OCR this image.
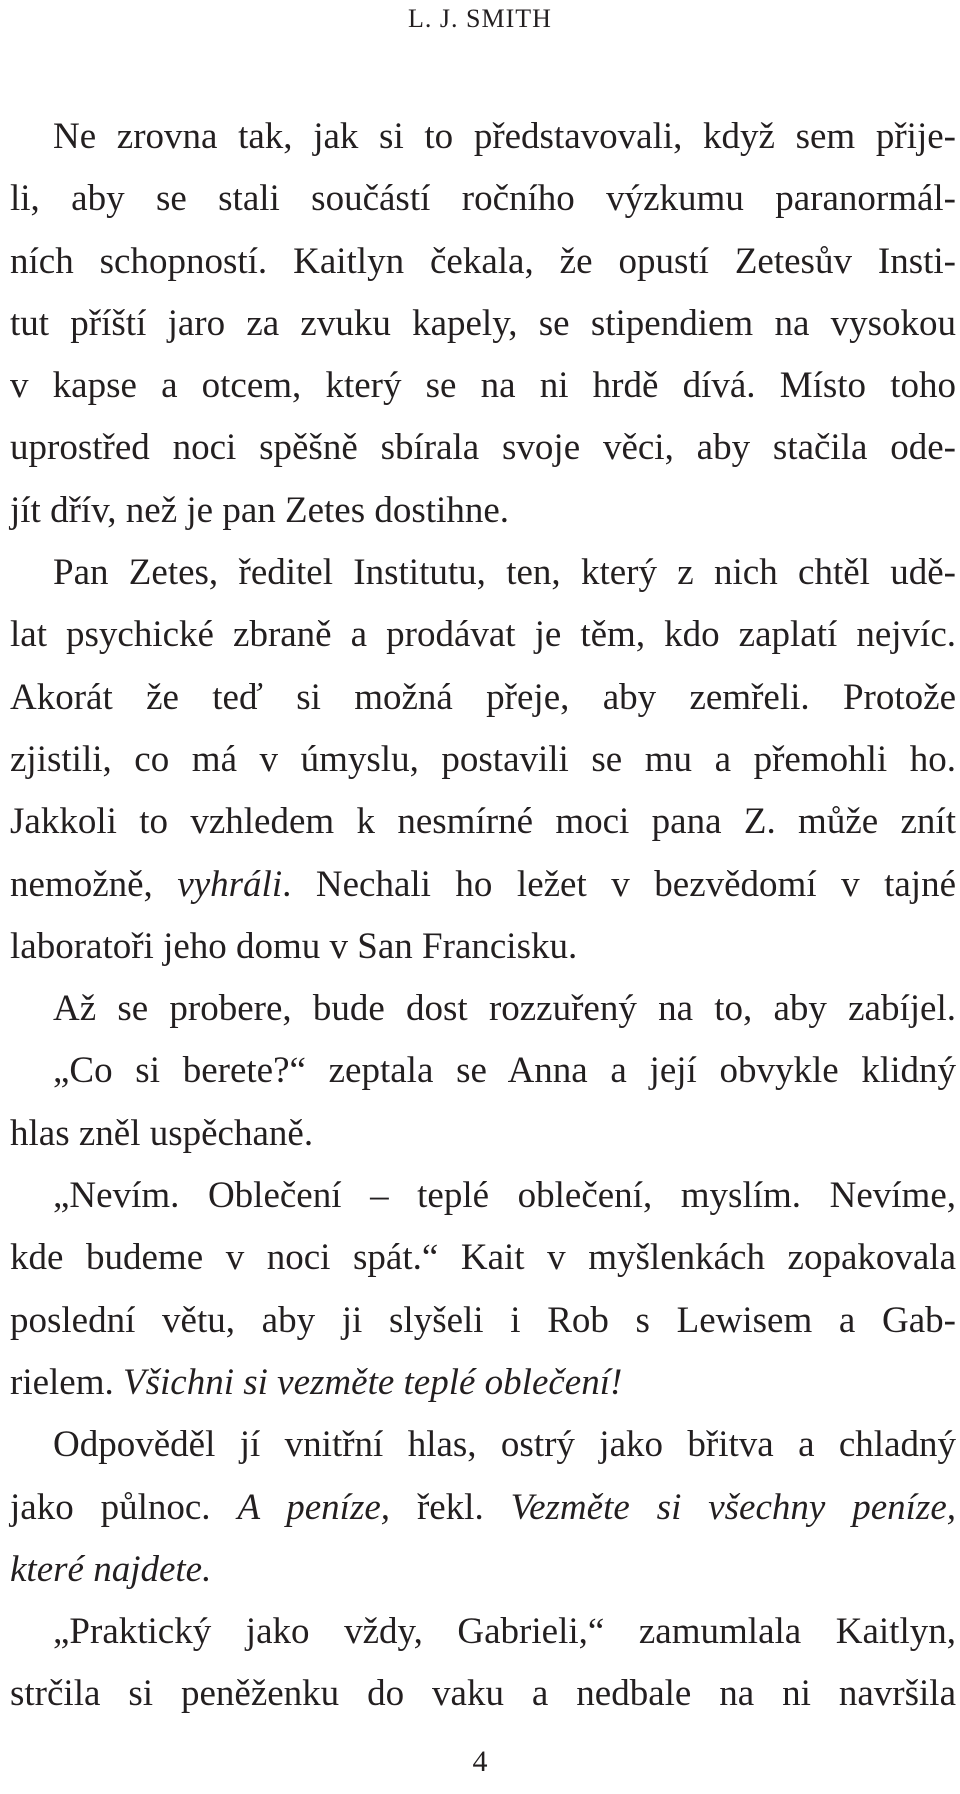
L. J. SMITH
Ne zrovna tak, jak si to představovali, když sem přije-
li, aby se stali součástí ročního výzkumu paranormál-
ních schopností. Kaitlyn čekala, že opustí Zetesův Insti-
tut příští jaro za zvuku kapely, se stipendiem na vysokou
v kapse a otcem, který se na ni hrdě dívá. Místo toho
uprostřed noci spěšně sbírala svoje věci, aby stačila ode-
jít dřív, než je pan Zetes dostihne.
Pan Zetes, ředitel Institutu, ten, který z nich chtěl udě-
lat psychické zbraně a prodávat je těm, kdo zaplatí nejvíc.
Akorát že teď si možná přeje, aby zemřeli. Protože
zjistili, co má v úmyslu, postavili se mu a přemohli ho.
Jakkoli to vzhledem k nesmírné moci pana Z. může znít
nemožně, vyhráli. Nechali ho ležet v bezvědomí v tajné
laboratoři jeho domu v San Francisku.
Až se probere, bude dost rozzuřený na to, aby zabíjel.
„Co si berete?“ zeptala se Anna a její obvykle klidný
hlas zněl uspěchaně.
„Nevím. Oblečení – teplé oblečení, myslím. Nevíme,
kde budeme v noci spát.“ Kait v myšlenkách zopakovala
poslední větu, aby ji slyšeli i Rob s Lewisem a Gab-
rielem. Všichni si vezměte teplé oblečení!
Odpověděl jí vnitřní hlas, ostrý jako břitva a chladný
jako půlnoc. A peníze, řekl. Vezměte si všechny peníze,
které najdete.
„Praktický jako vždy, Gabrieli,“ zamumlala Kaitlyn,
strčila si peněženku do vaku a nedbale na ni navršila
4
